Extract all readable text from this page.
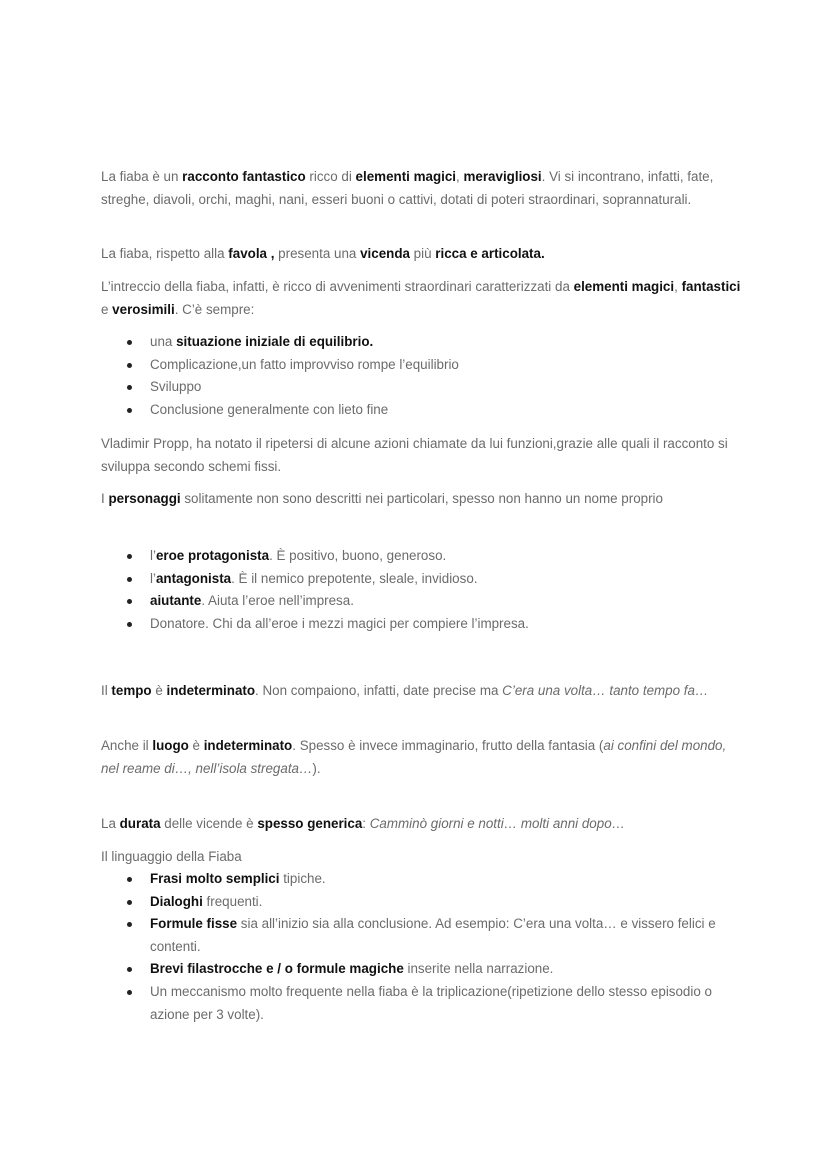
La fiaba è un racconto fantastico ricco di elementi magici, meravigliosi. Vi si incontrano, infatti, fate, streghe, diavoli, orchi, maghi, nani, esseri buoni o cattivi, dotati di poteri straordinari, soprannaturali.

La fiaba, rispetto alla favola , presenta una vicenda più ricca e articolata.

L’intreccio della fiaba, infatti, è ricco di avvenimenti straordinari caratterizzati da elementi magici, fantastici e verosimili. C’è sempre:

una situazione iniziale di equilibrio.
Complicazione,un fatto improvviso rompe l’equilibrio
Sviluppo
Conclusione generalmente con lieto fine

Vladimir Propp, ha notato il ripetersi di alcune azioni chiamate da lui funzioni,grazie alle quali il racconto si sviluppa secondo schemi fissi.

I personaggi solitamente non sono descritti nei particolari, spesso non hanno un nome proprio

l’eroe protagonista. È positivo, buono, generoso.
l’antagonista. È il nemico prepotente, sleale, invidioso.
aiutante. Aiuta l’eroe nell’impresa.
Donatore. Chi da all’eroe i mezzi magici per compiere l’impresa.

Il tempo è indeterminato. Non compaiono, infatti, date precise ma C’era una volta… tanto tempo fa…

Anche il luogo è indeterminato. Spesso è invece immaginario, frutto della fantasia (ai confini del mondo, nel reame di…, nell’isola stregata…).

La durata delle vicende è spesso generica: Camminò giorni e notti… molti anni dopo…

Il linguaggio della Fiaba

Frasi molto semplici tipiche.
Dialoghi frequenti.
Formule fisse sia all’inizio sia alla conclusione. Ad esempio: C’era una volta… e vissero felici e contenti.
Brevi filastrocche e / o formule magiche inserite nella narrazione.
Un meccanismo molto frequente nella fiaba è la triplicazione(ripetizione dello stesso episodio o azione per 3 volte).
